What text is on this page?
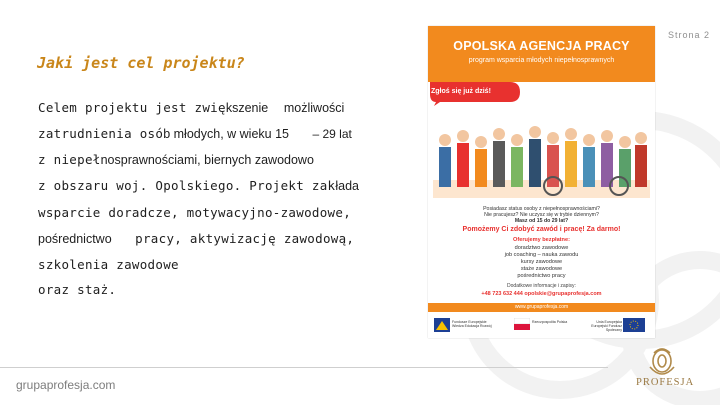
Strona 2
Jaki jest cel projektu?
Celem projektu jest zwiększenie możliwości
zatrudnienia osób młodych, w wieku 15 – 29 lat
z niepełnosprawnościami, biernych zawodowo
z obszaru woj. Opolskiego. Projekt zakłada
wsparcie doradcze, motywacyjno-zawodowe,
pośrednictwo pracy, aktywizację zawodową,
szkolenia zawodowe
oraz staż.
OPOLSKA AGENCJA PRACY
program wsparcia młodych niepełnosprawnych
Zgłoś się już dziś!
Posiadasz status osoby z niepełnosprawnościami?
Nie pracujesz? Nie uczysz się w trybie dziennym?
Masz od 15 do 29 lat?
Pomożemy Ci zdobyć zawód i pracę! Za darmo!
Oferujemy bezpłatne:
doradztwo zawodowe
job coaching – nauka zawodu
kursy zawodowe
staże zawodowe
pośrednictwo pracy
Dodatkowe informacje i zapisy:
+48 723 632 444 opolskie@grupaprofesja.com
www.grupaprofesja.com
Fundusze Europejskie Wiedza Edukacja Rozwój
Rzeczpospolita Polska	Unia Europejska Europejski Fundusz Społeczny
grupaprofesja.com	PROFESJA
